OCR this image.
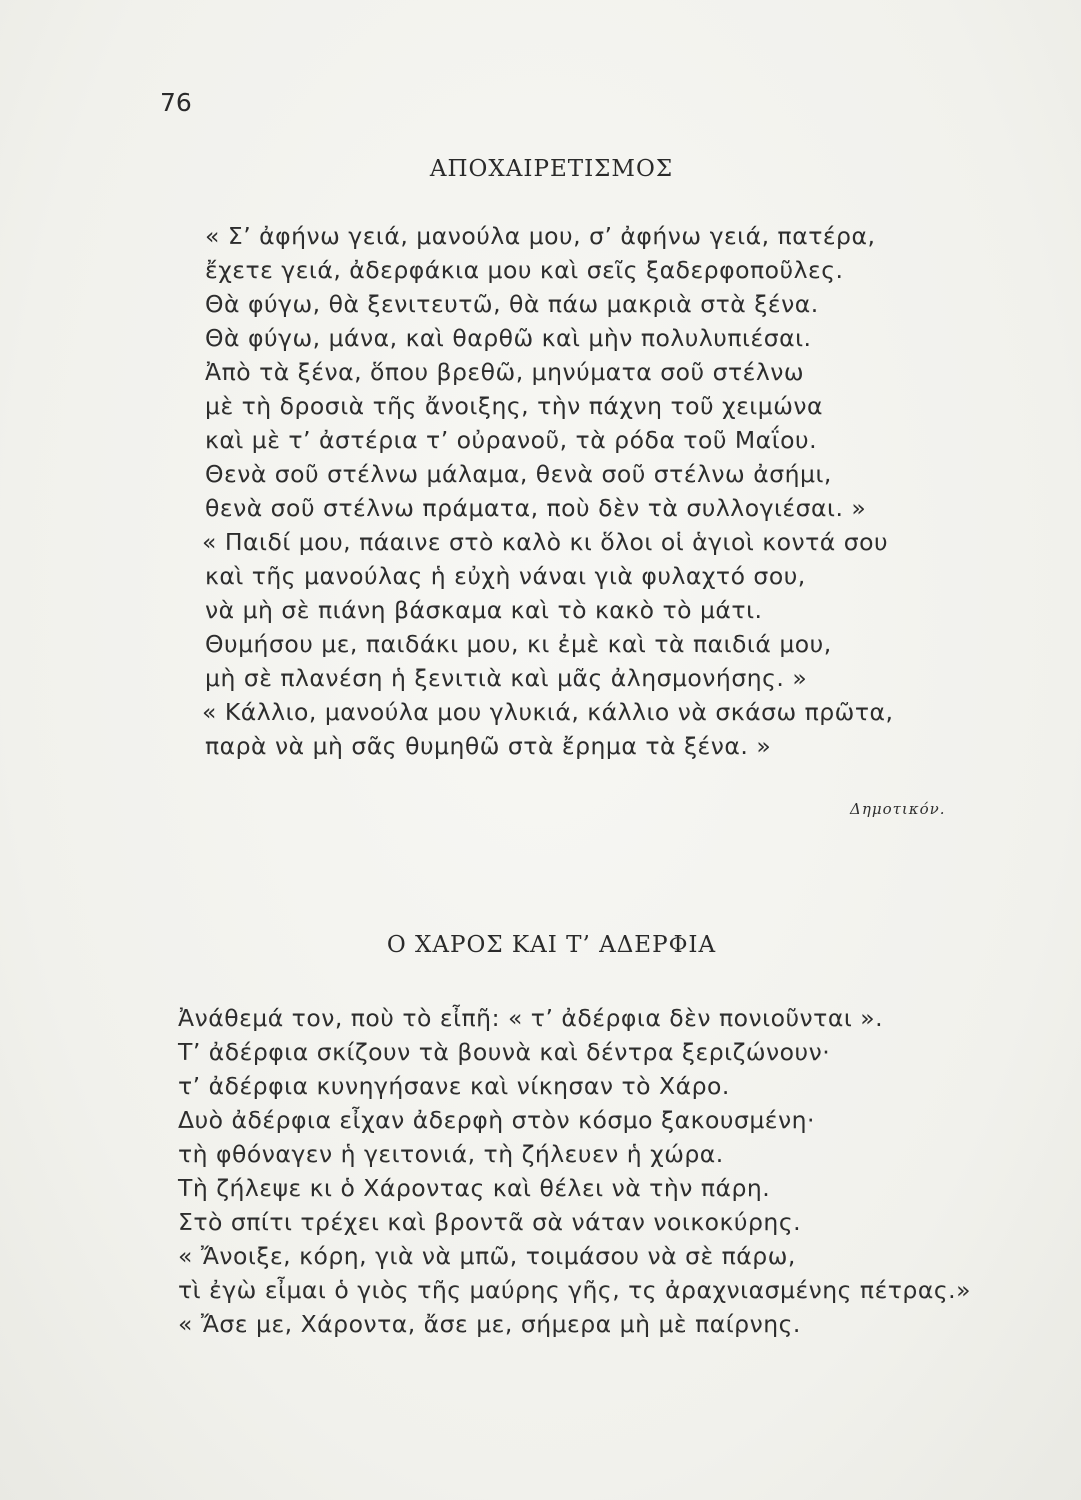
76
ΑΠΟΧΑΙΡΕΤΙΣΜΟΣ
« Σ’ ἀφήνω γειά, μανούλα μου, σ’ ἀφήνω γειά, πατέρα,
ἔχετε γειά, ἀδερφάκια μου καὶ σεῖς ξαδερφοποῦλες.
Θὰ φύγω, θὰ ξενιτευτῶ, θὰ πάω μακριὰ στὰ ξένα.
Θὰ φύγω, μάνα, καὶ θαρθῶ καὶ μὴν πολυλυπιέσαι.
Ἀπὸ τὰ ξένα, ὅπου βρεθῶ, μηνύματα σοῦ στέλνω
μὲ τὴ δροσιὰ τῆς ἄνοιξης, τὴν πάχνη τοῦ χειμώνα
καὶ μὲ τ’ ἀστέρια τ’ οὐρανοῦ, τὰ ρόδα τοῦ Μαΐου.
Θενὰ σοῦ στέλνω μάλαμα, θενὰ σοῦ στέλνω ἀσήμι,
θενὰ σοῦ στέλνω πράματα, ποὺ δὲν τὰ συλλογιέσαι. »
« Παιδί μου, πάαινε στὸ καλὸ κι ὅλοι οἱ ἁγιοὶ κοντά σου
καὶ τῆς μανούλας ἡ εὐχὴ νάναι γιὰ φυλαχτό σου,
νὰ μὴ σὲ πιάνη βάσκαμα καὶ τὸ κακὸ τὸ μάτι.
Θυμήσου με, παιδάκι μου, κι ἐμὲ καὶ τὰ παιδιά μου,
μὴ σὲ πλανέση ἡ ξενιτιὰ καὶ μᾶς ἀλησμονήσης. »
« Κάλλιο, μανούλα μου γλυκιά, κάλλιο νὰ σκάσω πρῶτα,
παρὰ νὰ μὴ σᾶς θυμηθῶ στὰ ἔρημα τὰ ξένα. »
Δημοτικόν.
Ο ΧΑΡΟΣ ΚΑΙ Τ’ ΑΔΕΡΦΙΑ
Ἀνάθεμά τον, ποὺ τὸ εἶπῆ: « τ’ ἀδέρφια δὲν πονιοῦνται ».
Τ’ ἀδέρφια σκίζουν τὰ βουνὰ καὶ δέντρα ξεριζώνουν·
τ’ ἀδέρφια κυνηγήσανε καὶ νίκησαν τὸ Χάρο.
Δυὸ ἀδέρφια εἶχαν ἀδερφὴ στὸν κόσμο ξακουσμένη·
τὴ φθόναγεν ἡ γειτονιά, τὴ ζήλευεν ἡ χώρα.
Τὴ ζήλεψε κι ὁ Χάροντας καὶ θέλει νὰ τὴν πάρη.
Στὸ σπίτι τρέχει καὶ βροντᾶ σὰ νάταν νοικοκύρης.
« Ἄνοιξε, κόρη, γιὰ νὰ μπῶ, τοιμάσου νὰ σὲ πάρω,
τὶ ἐγὼ εἶμαι ὁ γιὸς τῆς μαύρης γῆς, τς ἀραχνιασμένης πέτρας.»
« Ἄσε με, Χάροντα, ἄσε με, σήμερα μὴ μὲ παίρνης.
